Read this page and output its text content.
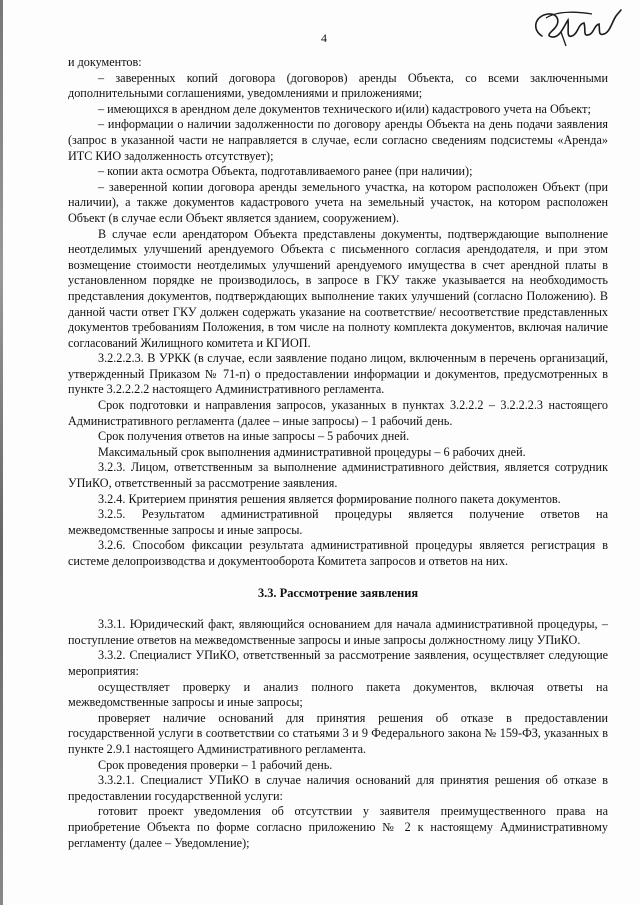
4

и документов:

– заверенных копий договора (договоров) аренды Объекта, со всеми заключенными дополнительными соглашениями, уведомлениями и приложениями;

– имеющихся в арендном деле документов технического и(или) кадастрового учета на Объект;

– информации о наличии задолженности по договору аренды Объекта на день подачи заявления (запрос в указанной части не направляется в случае, если согласно сведениям подсистемы «Аренда» ИТС КИО задолженность отсутствует);

– копии акта осмотра Объекта, подготавливаемого ранее (при наличии);

– заверенной копии договора аренды земельного участка, на котором расположен Объект (при наличии), а также документов кадастрового учета на земельный участок, на котором расположен Объект (в случае если Объект является зданием, сооружением).

В случае если арендатором Объекта представлены документы, подтверждающие выполнение неотделимых улучшений арендуемого Объекта с письменного согласия арендодателя, и при этом возмещение стоимости неотделимых улучшений арендуемого имущества в счет арендной платы в установленном порядке не производилось, в запросе в ГКУ также указывается на необходимость представления документов, подтверждающих выполнение таких улучшений (согласно Положению). В данной части ответ ГКУ должен содержать указание на соответствие/ несоответствие представленных документов требованиям Положения, в том числе на полноту комплекта документов, включая наличие согласований Жилищного комитета и КГИОП.

3.2.2.2.3. В УРКК (в случае, если заявление подано лицом, включенным в перечень организаций, утвержденный Приказом № 71-п) о предоставлении информации и документов, предусмотренных в пункте 3.2.2.2.2 настоящего Административного регламента.

Срок подготовки и направления запросов, указанных в пунктах 3.2.2.2 – 3.2.2.2.3 настоящего Административного регламента (далее – иные запросы) – 1 рабочий день.

Срок получения ответов на иные запросы – 5 рабочих дней.

Максимальный срок выполнения административной процедуры – 6 рабочих дней.

3.2.3. Лицом, ответственным за выполнение административного действия, является сотрудник УПиКО, ответственный за рассмотрение заявления.

3.2.4. Критерием принятия решения является формирование полного пакета документов.

3.2.5. Результатом административной процедуры является получение ответов на межведомственные запросы и иные запросы.

3.2.6. Способом фиксации результата административной процедуры является регистрация в системе делопроизводства и документооборота Комитета запросов и ответов на них.

3.3. Рассмотрение заявления

3.3.1. Юридический факт, являющийся основанием для начала административной процедуры, – поступление ответов на межведомственные запросы и иные запросы должностному лицу УПиКО.

3.3.2. Специалист УПиКО, ответственный за рассмотрение заявления, осуществляет следующие мероприятия:

осуществляет проверку и анализ полного пакета документов, включая ответы на межведомственные запросы и иные запросы;

проверяет наличие оснований для принятия решения об отказе в предоставлении государственной услуги в соответствии со статьями 3 и 9 Федерального закона № 159-ФЗ, указанных в пункте 2.9.1 настоящего Административного регламента.

Срок проведения проверки – 1 рабочий день.

3.3.2.1. Специалист УПиКО в случае наличия оснований для принятия решения об отказе в предоставлении государственной услуги:

готовит проект уведомления об отсутствии у заявителя преимущественного права на приобретение Объекта по форме согласно приложению № 2 к настоящему Административному регламенту (далее – Уведомление);
